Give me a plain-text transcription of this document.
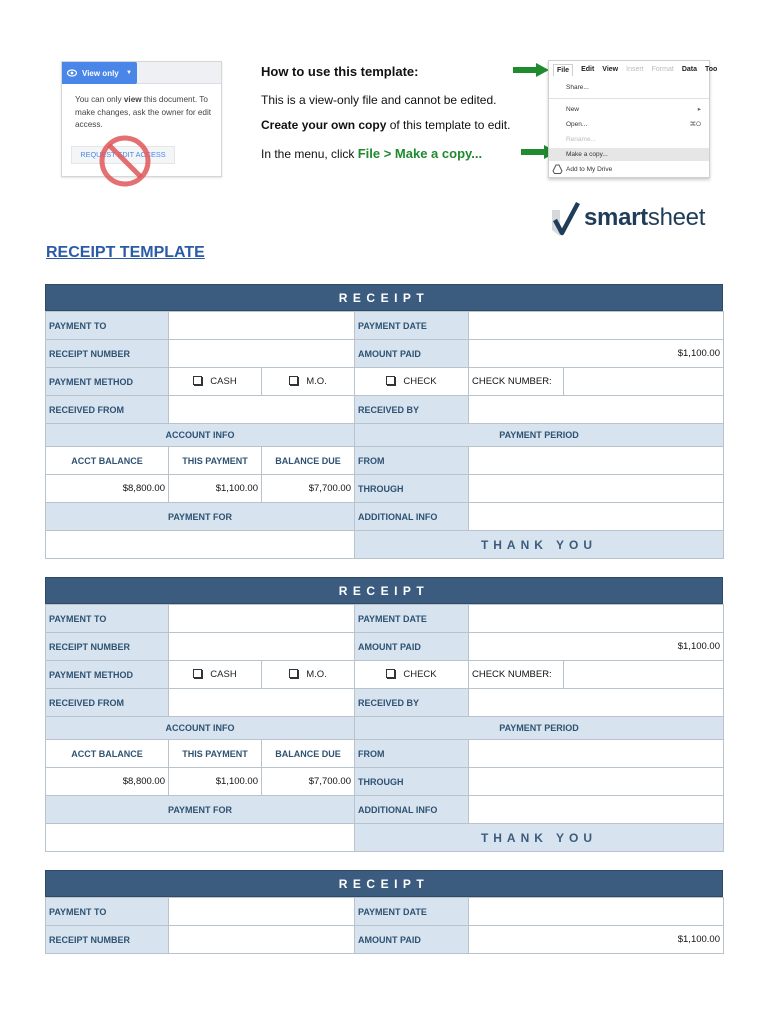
View only ▼
You can only view this document. To make changes, ask the owner for edit access.
REQUEST EDIT ACCESS
How to use this template:
This is a view-only file and cannot be edited.
Create your own copy of this template to edit.
In the menu, click File > Make a copy...
File	Edit View Insert Format Data Too
Share...
New	▸
Open...	⌘O
Rename...
Make a copy...
Add to My Drive
smartsheet
RECEIPT TEMPLATE
RECEIPT
PAYMENT TO			PAYMENT DATE		
RECEIPT NUMBER			AMOUNT PAID	$1,100.00	
PAYMENT METHOD	CASH	M.O.	CHECK	CHECK NUMBER:	
RECEIVED FROM			RECEIVED BY		
ACCOUNT INFO			PAYMENT PERIOD		
ACCT BALANCE	THIS PAYMENT	BALANCE DUE	FROM		
$8,800.00	$1,100.00	$7,700.00	THROUGH		
PAYMENT FOR			ADDITIONAL INFO		
			THANK YOU		
RECEIPT
PAYMENT TO			PAYMENT DATE		
RECEIPT NUMBER			AMOUNT PAID	$1,100.00	
PAYMENT METHOD	CASH	M.O.	CHECK	CHECK NUMBER:	
RECEIVED FROM			RECEIVED BY		
ACCOUNT INFO			PAYMENT PERIOD		
ACCT BALANCE	THIS PAYMENT	BALANCE DUE	FROM		
$8,800.00	$1,100.00	$7,700.00	THROUGH		
PAYMENT FOR			ADDITIONAL INFO		
			THANK YOU		
RECEIPT
PAYMENT TO		PAYMENT DATE	
RECEIPT NUMBER		AMOUNT PAID	$1,100.00
